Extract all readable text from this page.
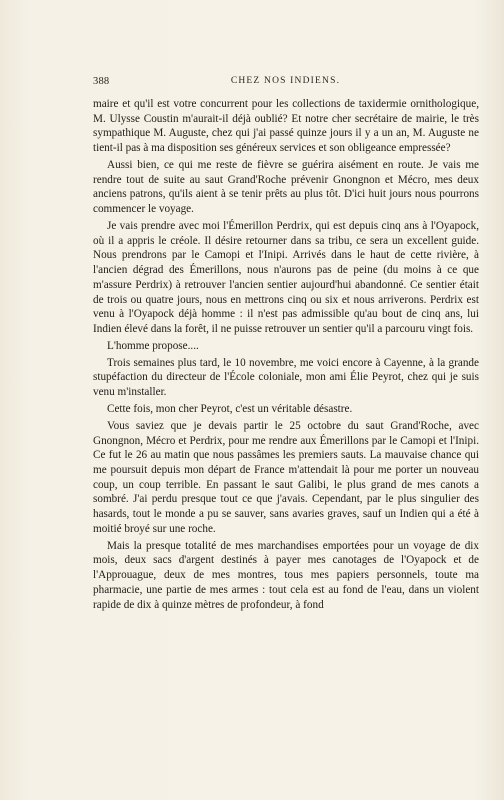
388	CHEZ NOS INDIENS.

maire et qu'il est votre concurrent pour les collections de taxidermie ornithologique, M. Ulysse Coustin m'aurait-il déjà oublié? Et notre cher secrétaire de mairie, le très sympathique M. Auguste, chez qui j'ai passé quinze jours il y a un an, M. Auguste ne tient-il pas à ma disposition ses généreux services et son obligeance empressée?

Aussi bien, ce qui me reste de fièvre se guérira aisément en route. Je vais me rendre tout de suite au saut Grand'Roche prévenir Gnongnon et Mécro, mes deux anciens patrons, qu'ils aient à se tenir prêts au plus tôt. D'ici huit jours nous pourrons commencer le voyage.

Je vais prendre avec moi l'Émerillon Perdrix, qui est depuis cinq ans à l'Oyapock, où il a appris le créole. Il désire retourner dans sa tribu, ce sera un excellent guide. Nous prendrons par le Camopi et l'Inipi. Arrivés dans le haut de cette rivière, à l'ancien dégrad des Émerillons, nous n'aurons pas de peine (du moins à ce que m'assure Perdrix) à retrouver l'ancien sentier aujourd'hui abandonné. Ce sentier était de trois ou quatre jours, nous en mettrons cinq ou six et nous arriverons. Perdrix est venu à l'Oyapock déjà homme : il n'est pas admissible qu'au bout de cinq ans, lui Indien élevé dans la forêt, il ne puisse retrouver un sentier qu'il a parcouru vingt fois.

L'homme propose....

Trois semaines plus tard, le 10 novembre, me voici encore à Cayenne, à la grande stupéfaction du directeur de l'École coloniale, mon ami Élie Peyrot, chez qui je suis venu m'installer.

Cette fois, mon cher Peyrot, c'est un véritable désastre.

Vous saviez que je devais partir le 25 octobre du saut Grand'Roche, avec Gnongnon, Mécro et Perdrix, pour me rendre aux Émerillons par le Camopi et l'Inipi. Ce fut le 26 au matin que nous passâmes les premiers sauts. La mauvaise chance qui me poursuit depuis mon départ de France m'attendait là pour me porter un nouveau coup, un coup terrible. En passant le saut Galibi, le plus grand de mes canots a sombré. J'ai perdu presque tout ce que j'avais. Cependant, par le plus singulier des hasards, tout le monde a pu se sauver, sans avaries graves, sauf un Indien qui a été à moitié broyé sur une roche.

Mais la presque totalité de mes marchandises emportées pour un voyage de dix mois, deux sacs d'argent destinés à payer mes canotages de l'Oyapock et de l'Approuague, deux de mes montres, tous mes papiers personnels, toute ma pharmacie, une partie de mes armes : tout cela est au fond de l'eau, dans un violent rapide de dix à quinze mètres de profondeur, à fond
